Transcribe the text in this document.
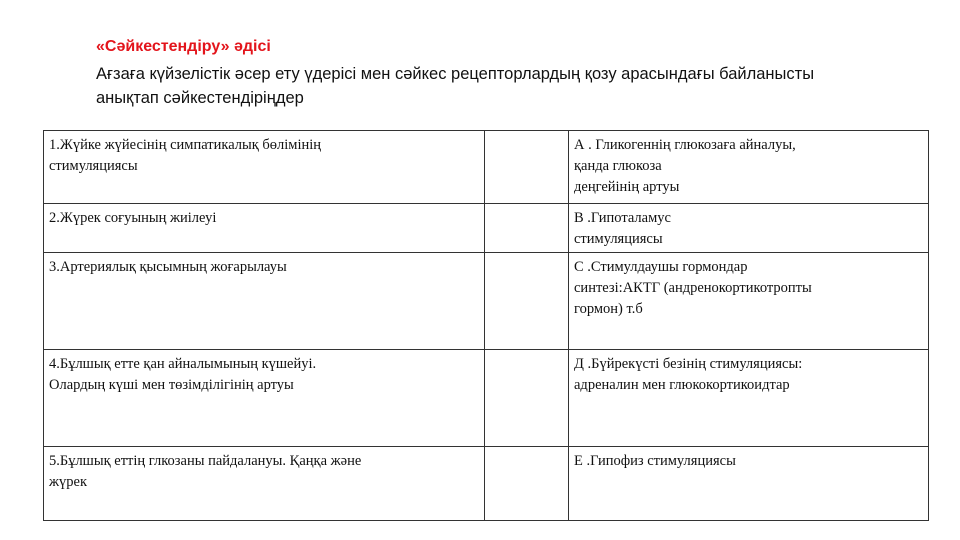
«Сәйкестендіру» әдісі
Ағзаға күйзелістік әсер ету үдерісі мен сәйкес рецепторлардың қозу арасындағы байланысты анықтап сәйкестендіріңдер
1.Жүйке жүйесінің симпатикалық бөлімінің
стимуляциясы		А . Гликогеннің глюкозаға айналуы,
қанда глюкоза
деңгейінің артуы
2.Жүрек соғуының жиілеуі		В .Гипоталамус
стимуляциясы
3.Артериялық қысымның жоғарылауы		С .Стимулдаушы гормондар
синтезі:АКТГ (андренокортикотропты
гормон) т.б
4.Бұлшық етте қан айналымының күшейуі.
Олардың күші мен төзімділігінің артуы		Д .Бүйрекүсті безінің стимуляциясы:
адреналин мен глюкокортикоидтар
5.Бұлшық еттің глкозаны пайдалануы. Қаңқа және
жүрек		Е .Гипофиз стимуляциясы
